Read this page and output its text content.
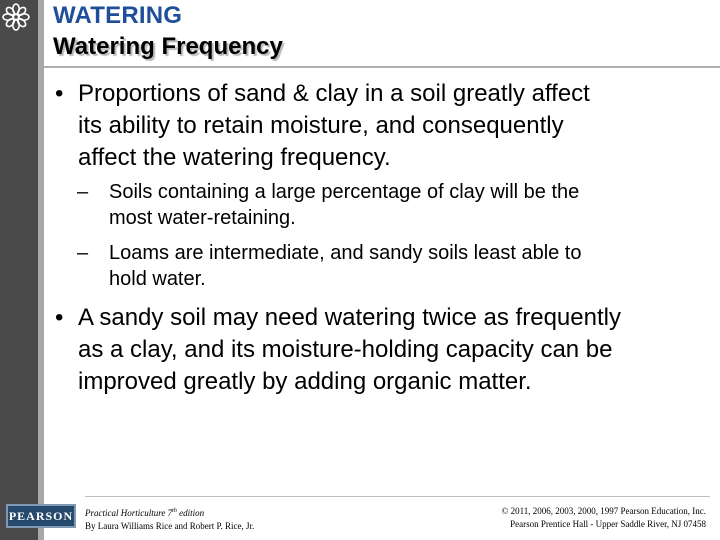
WATERING
Watering Frequency
• Proportions of sand & clay in a soil greatly affect
its ability to retain moisture, and consequently
affect the watering frequency.
– Soils containing a large percentage of clay will be the
most water-retaining.
– Loams are intermediate, and sandy soils least able to
hold water.
• A sandy soil may need watering twice as frequently
as a clay, and its moisture-holding capacity can be
improved greatly by adding organic matter.
PEARSON	Practical Horticulture 7th edition
By Laura Williams Rice and Robert P. Rice, Jr.
© 2011, 2006, 2003, 2000, 1997 Pearson Education, Inc.
Pearson Prentice Hall - Upper Saddle River, NJ 07458
